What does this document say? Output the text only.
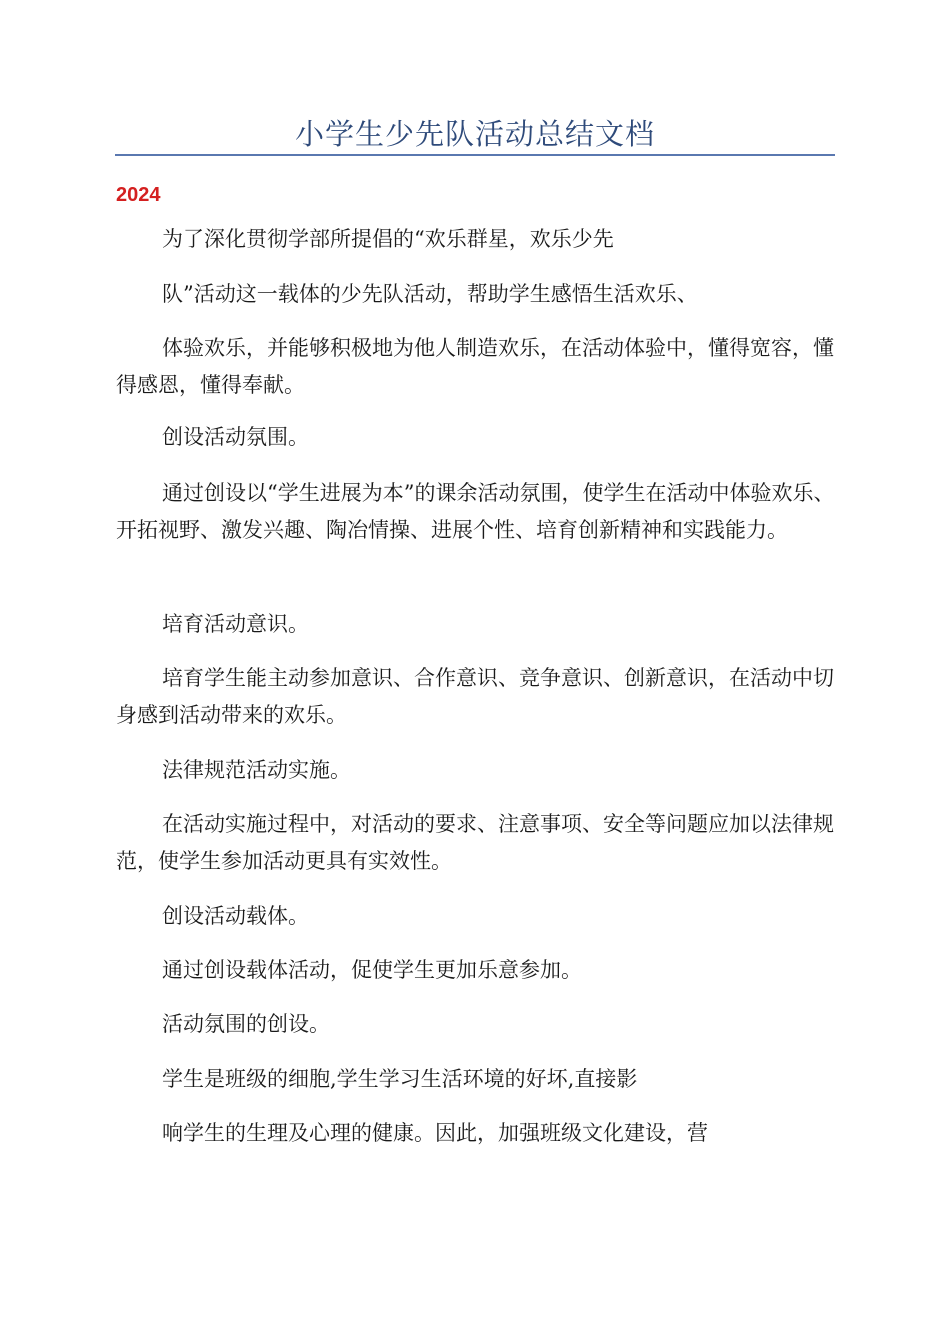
小学生少先队活动总结文档
2024

为了深化贯彻学部所提倡的“欢乐群星，欢乐少先

队”活动这一载体的少先队活动，帮助学生感悟生活欢乐、

体验欢乐，并能够积极地为他人制造欢乐，在活动体验中，懂得宽容，懂得感恩，懂得奉献。

创设活动氛围。

通过创设以“学生进展为本”的课余活动氛围，使学生在活动中体验欢乐、开拓视野、激发兴趣、陶冶情操、进展个性、培育创新精神和实践能力。

培育活动意识。

培育学生能主动参加意识、合作意识、竞争意识、创新意识，在活动中切身感到活动带来的欢乐。

法律规范活动实施。

在活动实施过程中，对活动的要求、注意事项、安全等问题应加以法律规范，使学生参加活动更具有实效性。

创设活动载体。

通过创设载体活动，促使学生更加乐意参加。

活动氛围的创设。

学生是班级的细胞,学生学习生活环境的好坏,直接影

响学生的生理及心理的健康。因此，加强班级文化建设，营
